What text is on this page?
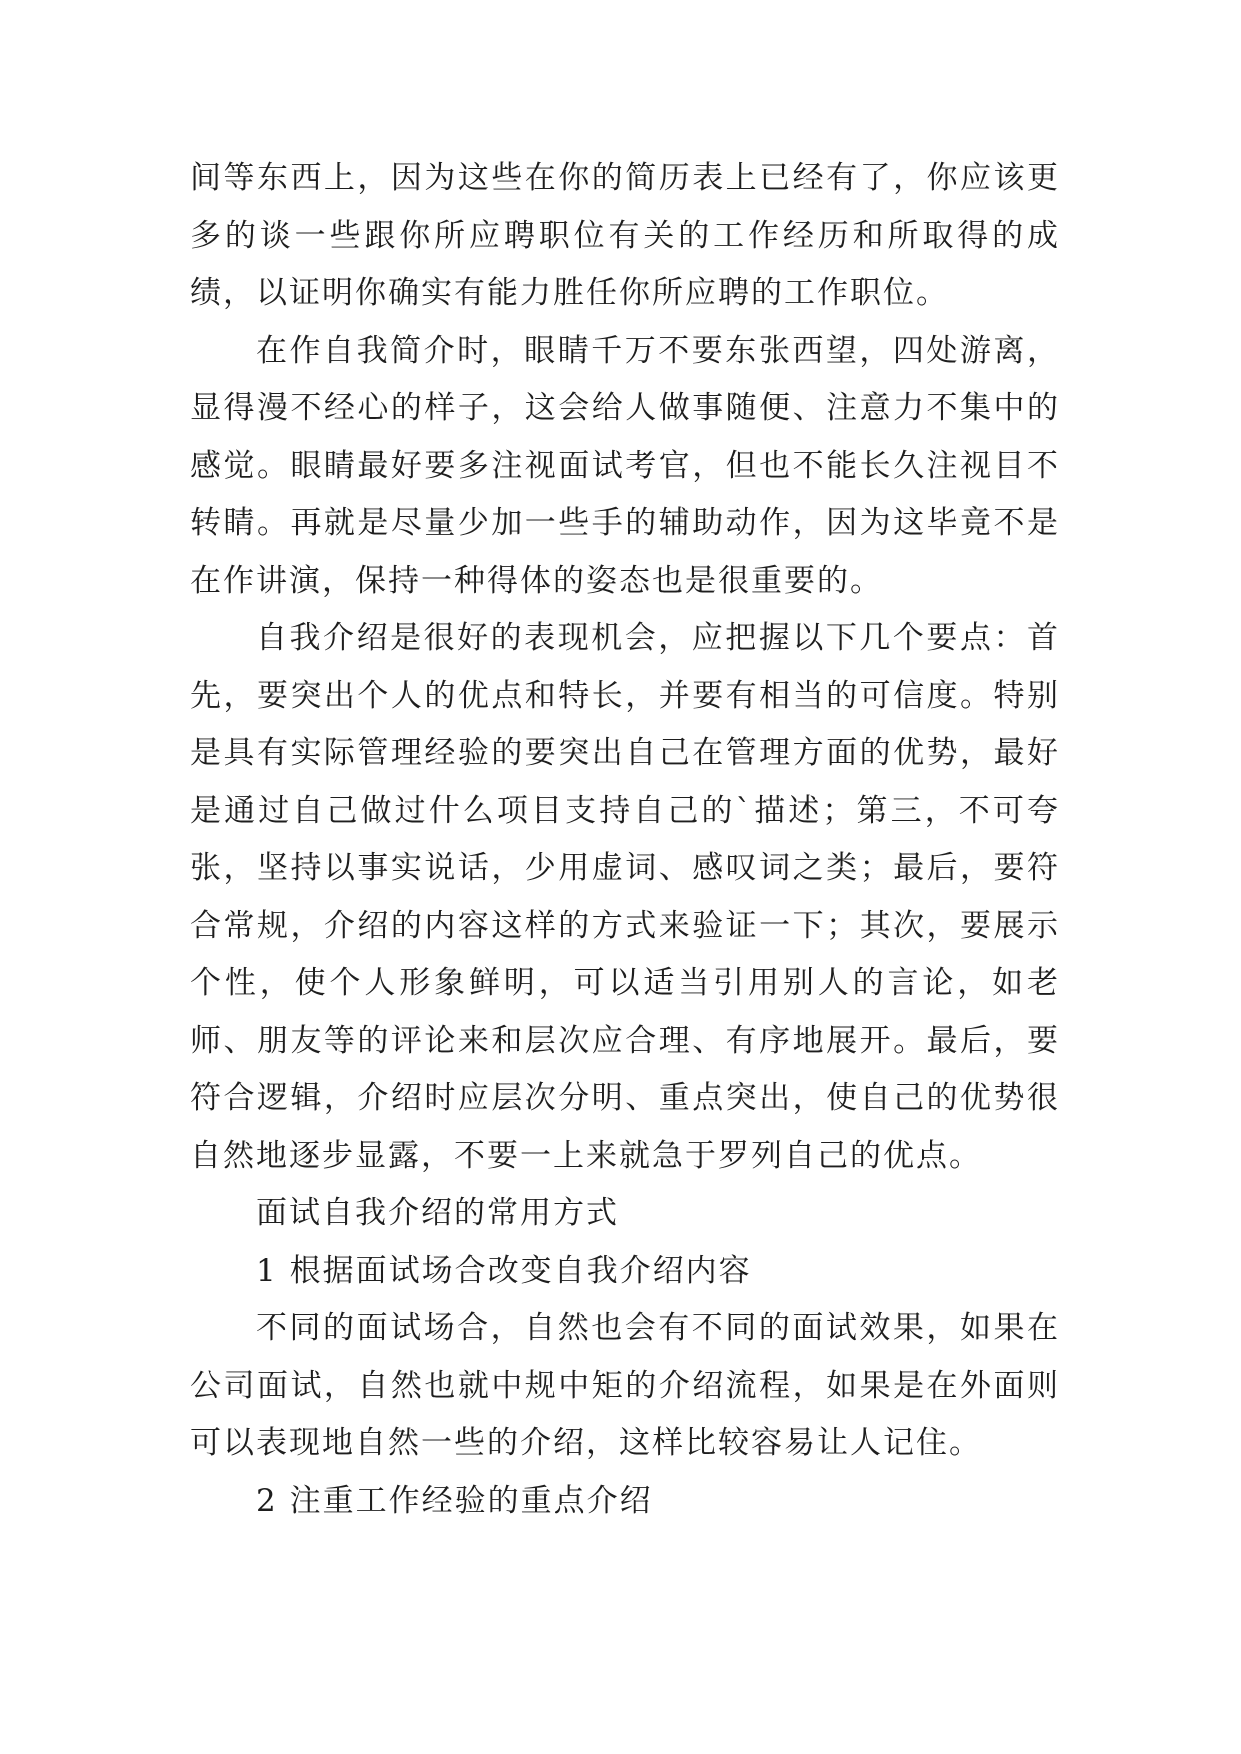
间等东西上，因为这些在你的简历表上已经有了，你应该更多的谈一些跟你所应聘职位有关的工作经历和所取得的成绩，以证明你确实有能力胜任你所应聘的工作职位。

在作自我简介时，眼睛千万不要东张西望，四处游离，显得漫不经心的样子，这会给人做事随便、注意力不集中的感觉。眼睛最好要多注视面试考官，但也不能长久注视目不转睛。再就是尽量少加一些手的辅助动作，因为这毕竟不是在作讲演，保持一种得体的姿态也是很重要的。

自我介绍是很好的表现机会，应把握以下几个要点：首先，要突出个人的优点和特长，并要有相当的可信度。特别是具有实际管理经验的要突出自己在管理方面的优势，最好是通过自己做过什么项目支持自己的`描述；第三，不可夸张，坚持以事实说话，少用虚词、感叹词之类；最后，要符合常规，介绍的内容这样的方式来验证一下；其次，要展示个性，使个人形象鲜明，可以适当引用别人的言论，如老师、朋友等的评论来和层次应合理、有序地展开。最后，要符合逻辑，介绍时应层次分明、重点突出，使自己的优势很自然地逐步显露，不要一上来就急于罗列自己的优点。

面试自我介绍的常用方式

1 根据面试场合改变自我介绍内容

不同的面试场合，自然也会有不同的面试效果，如果在公司面试，自然也就中规中矩的介绍流程，如果是在外面则可以表现地自然一些的介绍，这样比较容易让人记住。

2 注重工作经验的重点介绍
